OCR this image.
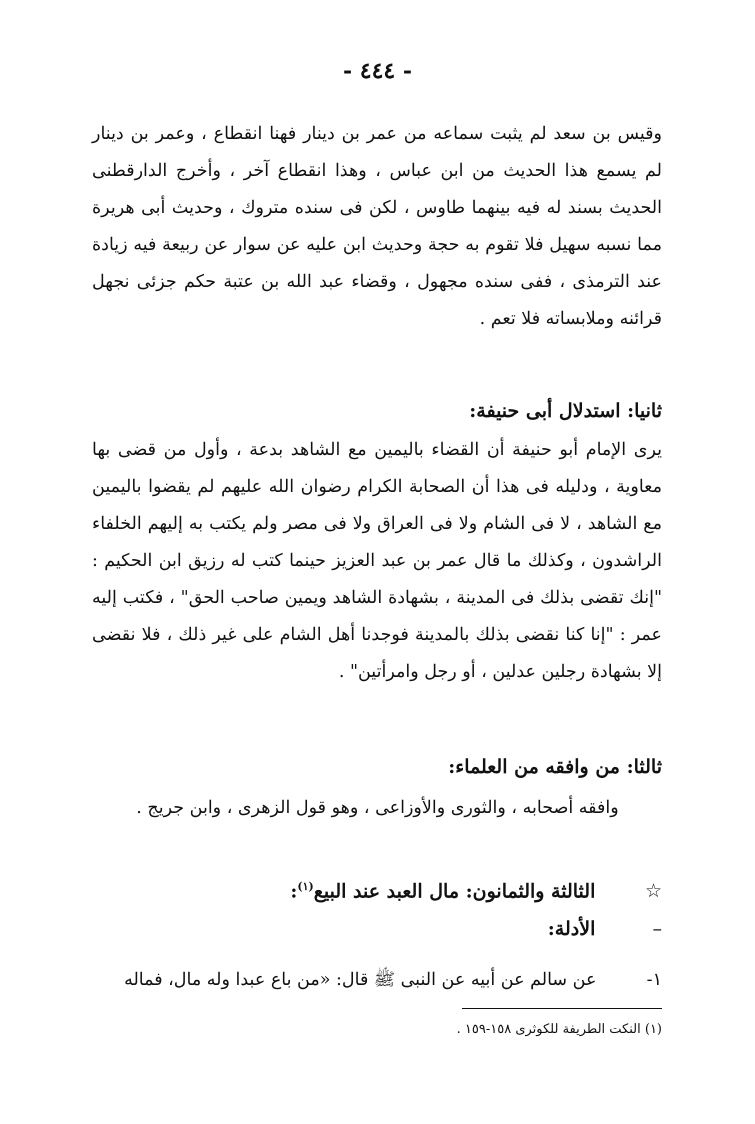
- ٤٤٤ -

وقيس بن سعد لم يثبت سماعه من عمر بن دينار فهنا انقطاع ، وعمر بن دينار لم يسمع هذا الحديث من ابن عباس ، وهذا انقطاع آخر ، وأخرج الدارقطنى الحديث بسند له فيه بينهما طاوس ، لكن فى سنده متروك ، وحديث أبى هريرة مما نسبه سهيل فلا تقوم به حجة وحديث ابن عليه عن سوار عن ربيعة فيه زيادة عند الترمذى ، ففى سنده مجهول ، وقضاء عبد الله بن عتبة حكم جزئى نجهل قرائنه وملابساته فلا تعم .

ثانيا: استدلال أبى حنيفة:

يرى الإمام أبو حنيفة أن القضاء باليمين مع الشاهد بدعة ، وأول من قضى بها معاوية ، ودليله فى هذا أن الصحابة الكرام رضوان الله عليهم لم يقضوا باليمين مع الشاهد ، لا فى الشام ولا فى العراق ولا فى مصر ولم يكتب به إليهم الخلفاء الراشدون ، وكذلك ما قال عمر بن عبد العزيز حينما كتب له رزيق ابن الحكيم : "إنك تقضى بذلك فى المدينة ، بشهادة الشاهد ويمين صاحب الحق" ، فكتب إليه عمر : "إنا كنا نقضى بذلك بالمدينة فوجدنا أهل الشام على غير ذلك ، فلا نقضى إلا بشهادة رجلين عدلين ، أو رجل وامرأتين" .

ثالثا: من وافقه من العلماء:

وافقه أصحابه ، والثورى والأوزاعى ، وهو قول الزهرى ، وابن جريج .
☆ الثالثة والثمانون: مال العبد عند البيع$^{(١)}$:
– الأدلة:
١- عن سالم عن أبيه عن النبى ﷺ قال: «من باع عبدا وله مال، فماله
(١) النكت الطريفة للكوثرى ١٥٨-١٥٩ .
